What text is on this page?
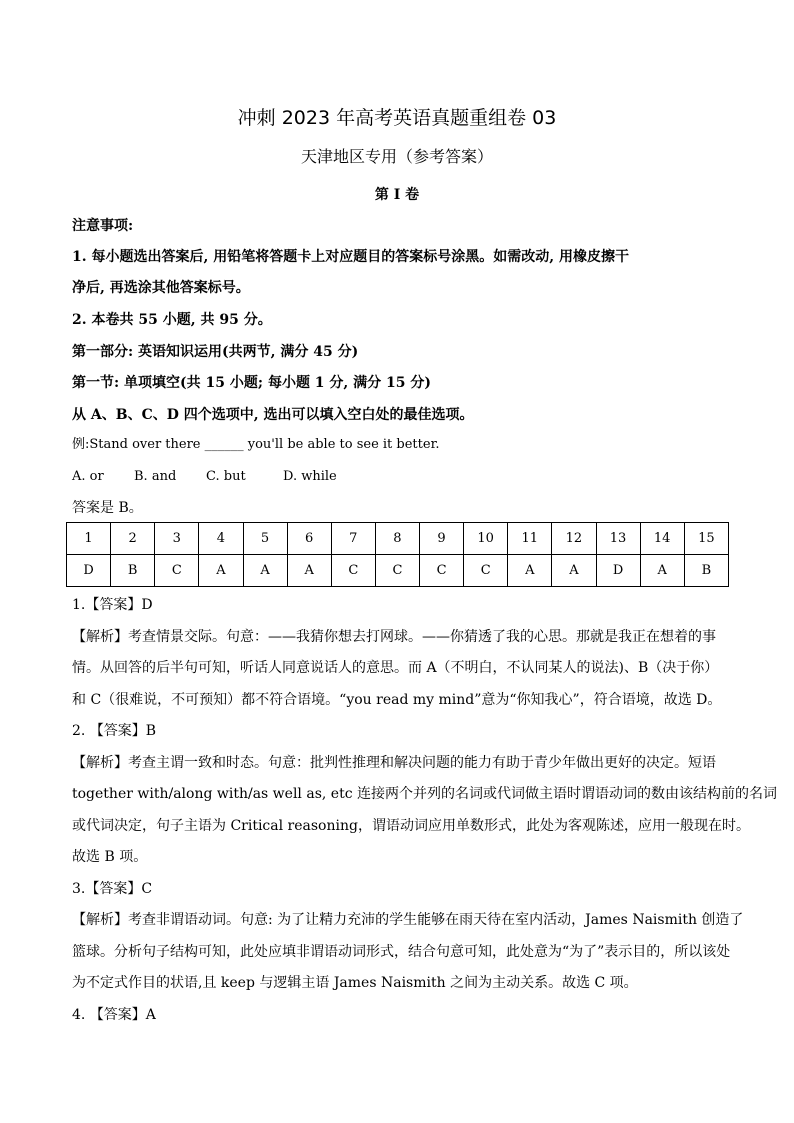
冲刺 2023 年高考英语真题重组卷 03
天津地区专用（参考答案）
第 I 卷
注意事项:
1. 每小题选出答案后, 用铅笔将答题卡上对应题目的答案标号涂黑。如需改动, 用橡皮擦干
净后, 再选涂其他答案标号。
2. 本卷共 55 小题, 共 95 分。
第一部分: 英语知识运用(共两节, 满分 45 分)
第一节: 单项填空(共 15 小题; 每小题 1 分, 满分 15 分)
从 A、B、C、D 四个选项中, 选出可以填入空白处的最佳选项。
例:Stand over there ______ you'll be able to see it better.
A. or B. and C. but	D. while
答案是 B。
1	2	3	4	5	6	7	8	9	10	11	12	13	14	15
D	B	C	A	A	A	C	C	C	C	A	A	D	A	B

1.【答案】D

【解析】考查情景交际。句意：——我猜你想去打网球。——你猜透了我的心思。那就是我正在想着的事

情。从回答的后半句可知，听话人同意说话人的意思。而 A（不明白，不认同某人的说法)、B（决于你）

和 C（很难说，不可预知）都不符合语境。“you read my mind”意为“你知我心”，符合语境，故选 D。

2. 【答案】B

【解析】考查主谓一致和时态。句意：批判性推理和解决问题的能力有助于青少年做出更好的决定。短语

together with/along with/as well as, etc 连接两个并列的名词或代词做主语时谓语动词的数由该结构前的名词

或代词决定，句子主语为 Critical reasoning，谓语动词应用单数形式，此处为客观陈述，应用一般现在时。

故选 B 项。

3.【答案】C

【解析】考查非谓语动词。句意: 为了让精力充沛的学生能够在雨天待在室内活动，James Naismith 创造了

篮球。分析句子结构可知，此处应填非谓语动词形式，结合句意可知，此处意为“为了”表示目的，所以该处

为不定式作目的状语,且 keep 与逻辑主语 James Naismith 之间为主动关系。故选 C 项。

4. 【答案】A
